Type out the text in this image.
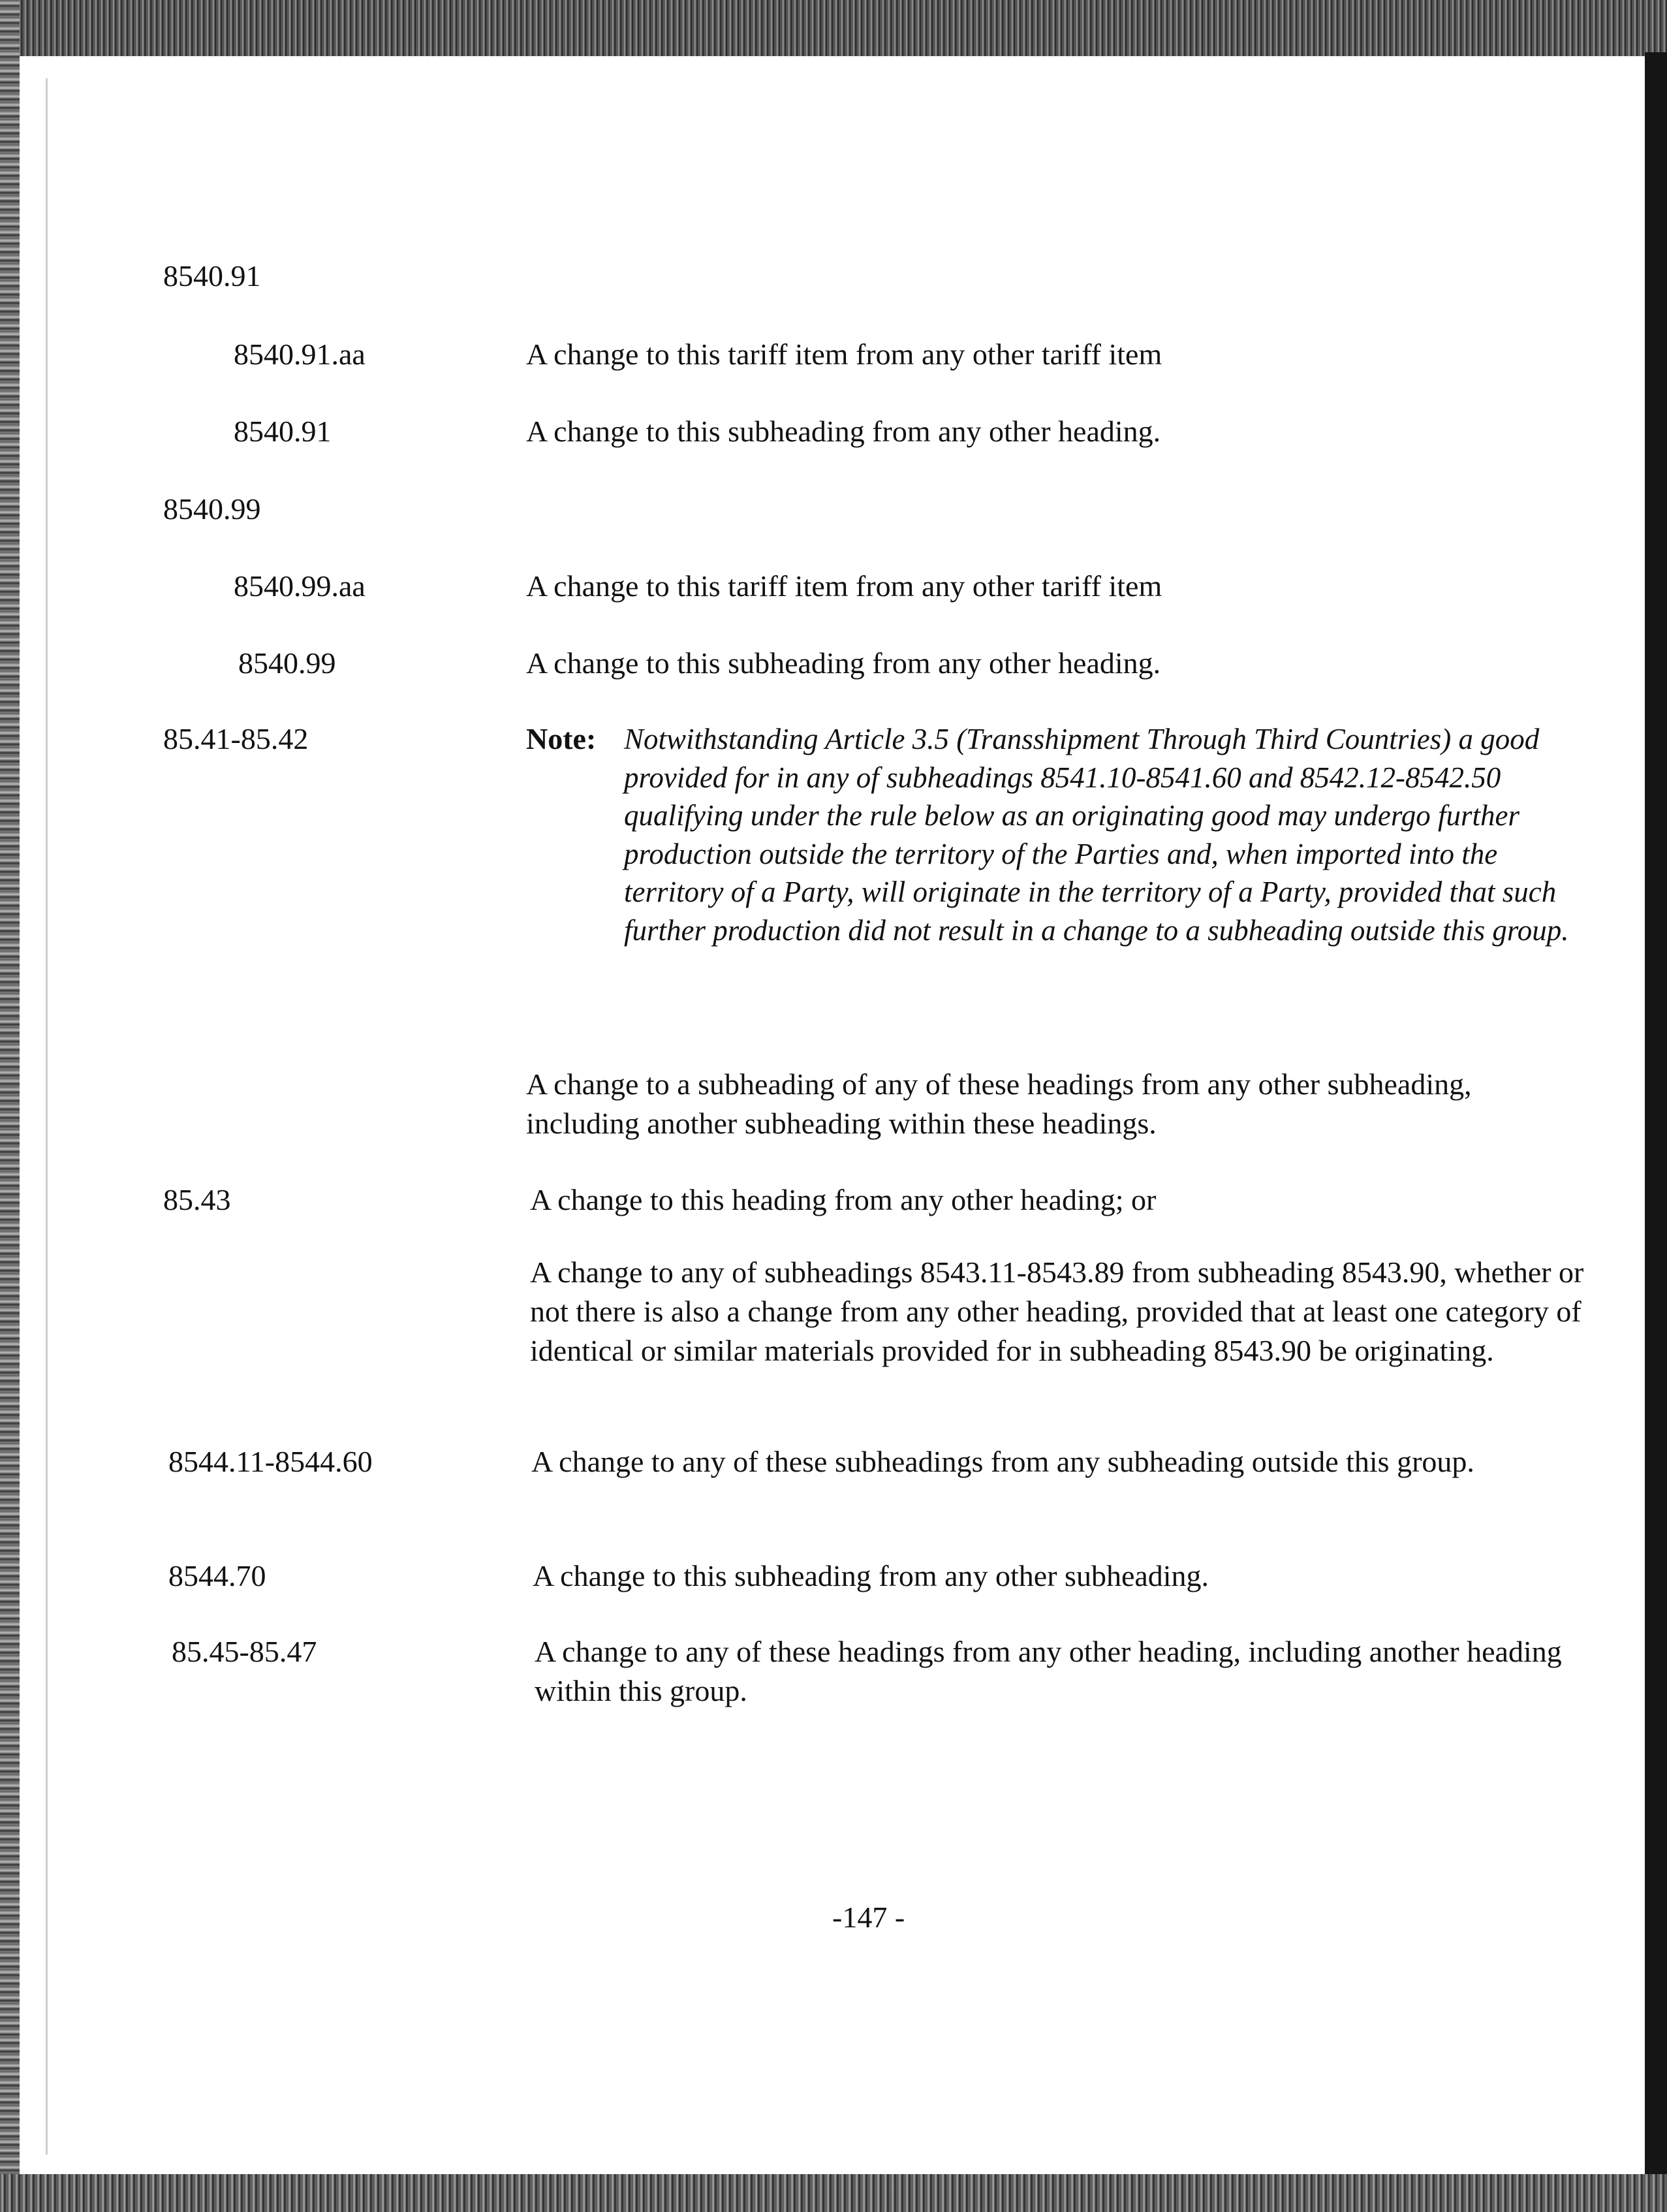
8540.91
8540.91.aa	A change to this tariff item from any other tariff item
8540.91	A change to this subheading from any other heading.
8540.99
8540.99.aa	A change to this tariff item from any other tariff item
8540.99	A change to this subheading from any other heading.
85.41-85.42	Note: Notwithstanding Article 3.5 (Transshipment Through Third Countries) a good provided for in any of subheadings 8541.10-8541.60 and 8542.12-8542.50 qualifying under the rule below as an originating good may undergo further production outside the territory of the Parties and, when imported into the territory of a Party, will originate in the territory of a Party, provided that such further production did not result in a change to a subheading outside this group.
A change to a subheading of any of these headings from any other subheading, including another subheading within these headings.
85.43	A change to this heading from any other heading; or
A change to any of subheadings 8543.11-8543.89 from subheading 8543.90, whether or not there is also a change from any other heading, provided that at least one category of identical or similar materials provided for in subheading 8543.90 be originating.
8544.11-8544.60	A change to any of these subheadings from any subheading outside this group.
8544.70	A change to this subheading from any other subheading.
85.45-85.47	A change to any of these headings from any other heading, including another heading within this group.
-147 -
